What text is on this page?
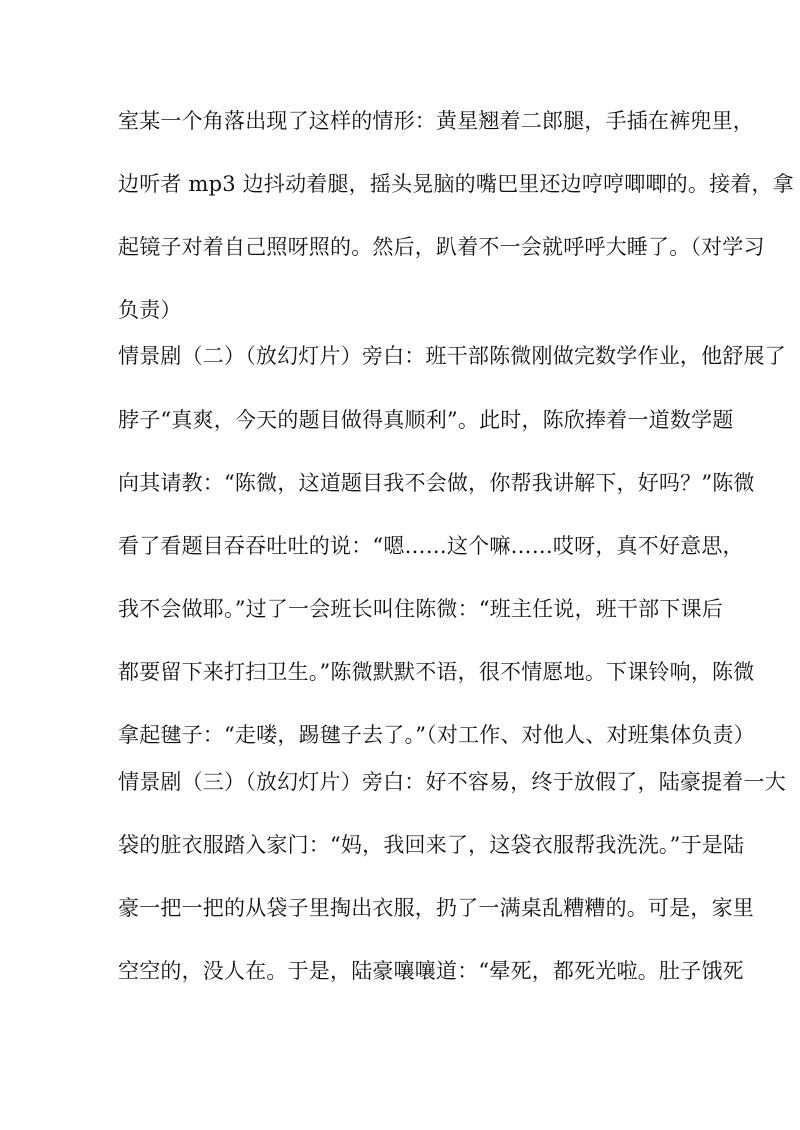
室某一个角落出现了这样的情形：黄星翘着二郎腿，手插在裤兜里，
边听者 mp3 边抖动着腿，摇头晃脑的嘴巴里还边哼哼唧唧的。接着，拿
起镜子对着自己照呀照的。然后，趴着不一会就呼呼大睡了。（对学习
负责）
情景剧（二）（放幻灯片）旁白：班干部陈微刚做完数学作业，他舒展了
脖子“真爽，今天的题目做得真顺利”。此时，陈欣捧着一道数学题
向其请教：“陈微，这道题目我不会做，你帮我讲解下，好吗？”陈微
看了看题目吞吞吐吐的说：“嗯……这个嘛……哎呀，真不好意思，
我不会做耶。”过了一会班长叫住陈微：“班主任说，班干部下课后
都要留下来打扫卫生。”陈微默默不语，很不情愿地。下课铃响，陈微
拿起毽子：“走喽，踢毽子去了。”（对工作、对他人、对班集体负责）
情景剧（三）（放幻灯片）旁白：好不容易，终于放假了，陆豪提着一大
袋的脏衣服踏入家门：“妈，我回来了，这袋衣服帮我洗洗。”于是陆
豪一把一把的从袋子里掏出衣服，扔了一满桌乱糟糟的。可是，家里
空空的，没人在。于是，陆豪嚷嚷道：“晕死，都死光啦。肚子饿死
